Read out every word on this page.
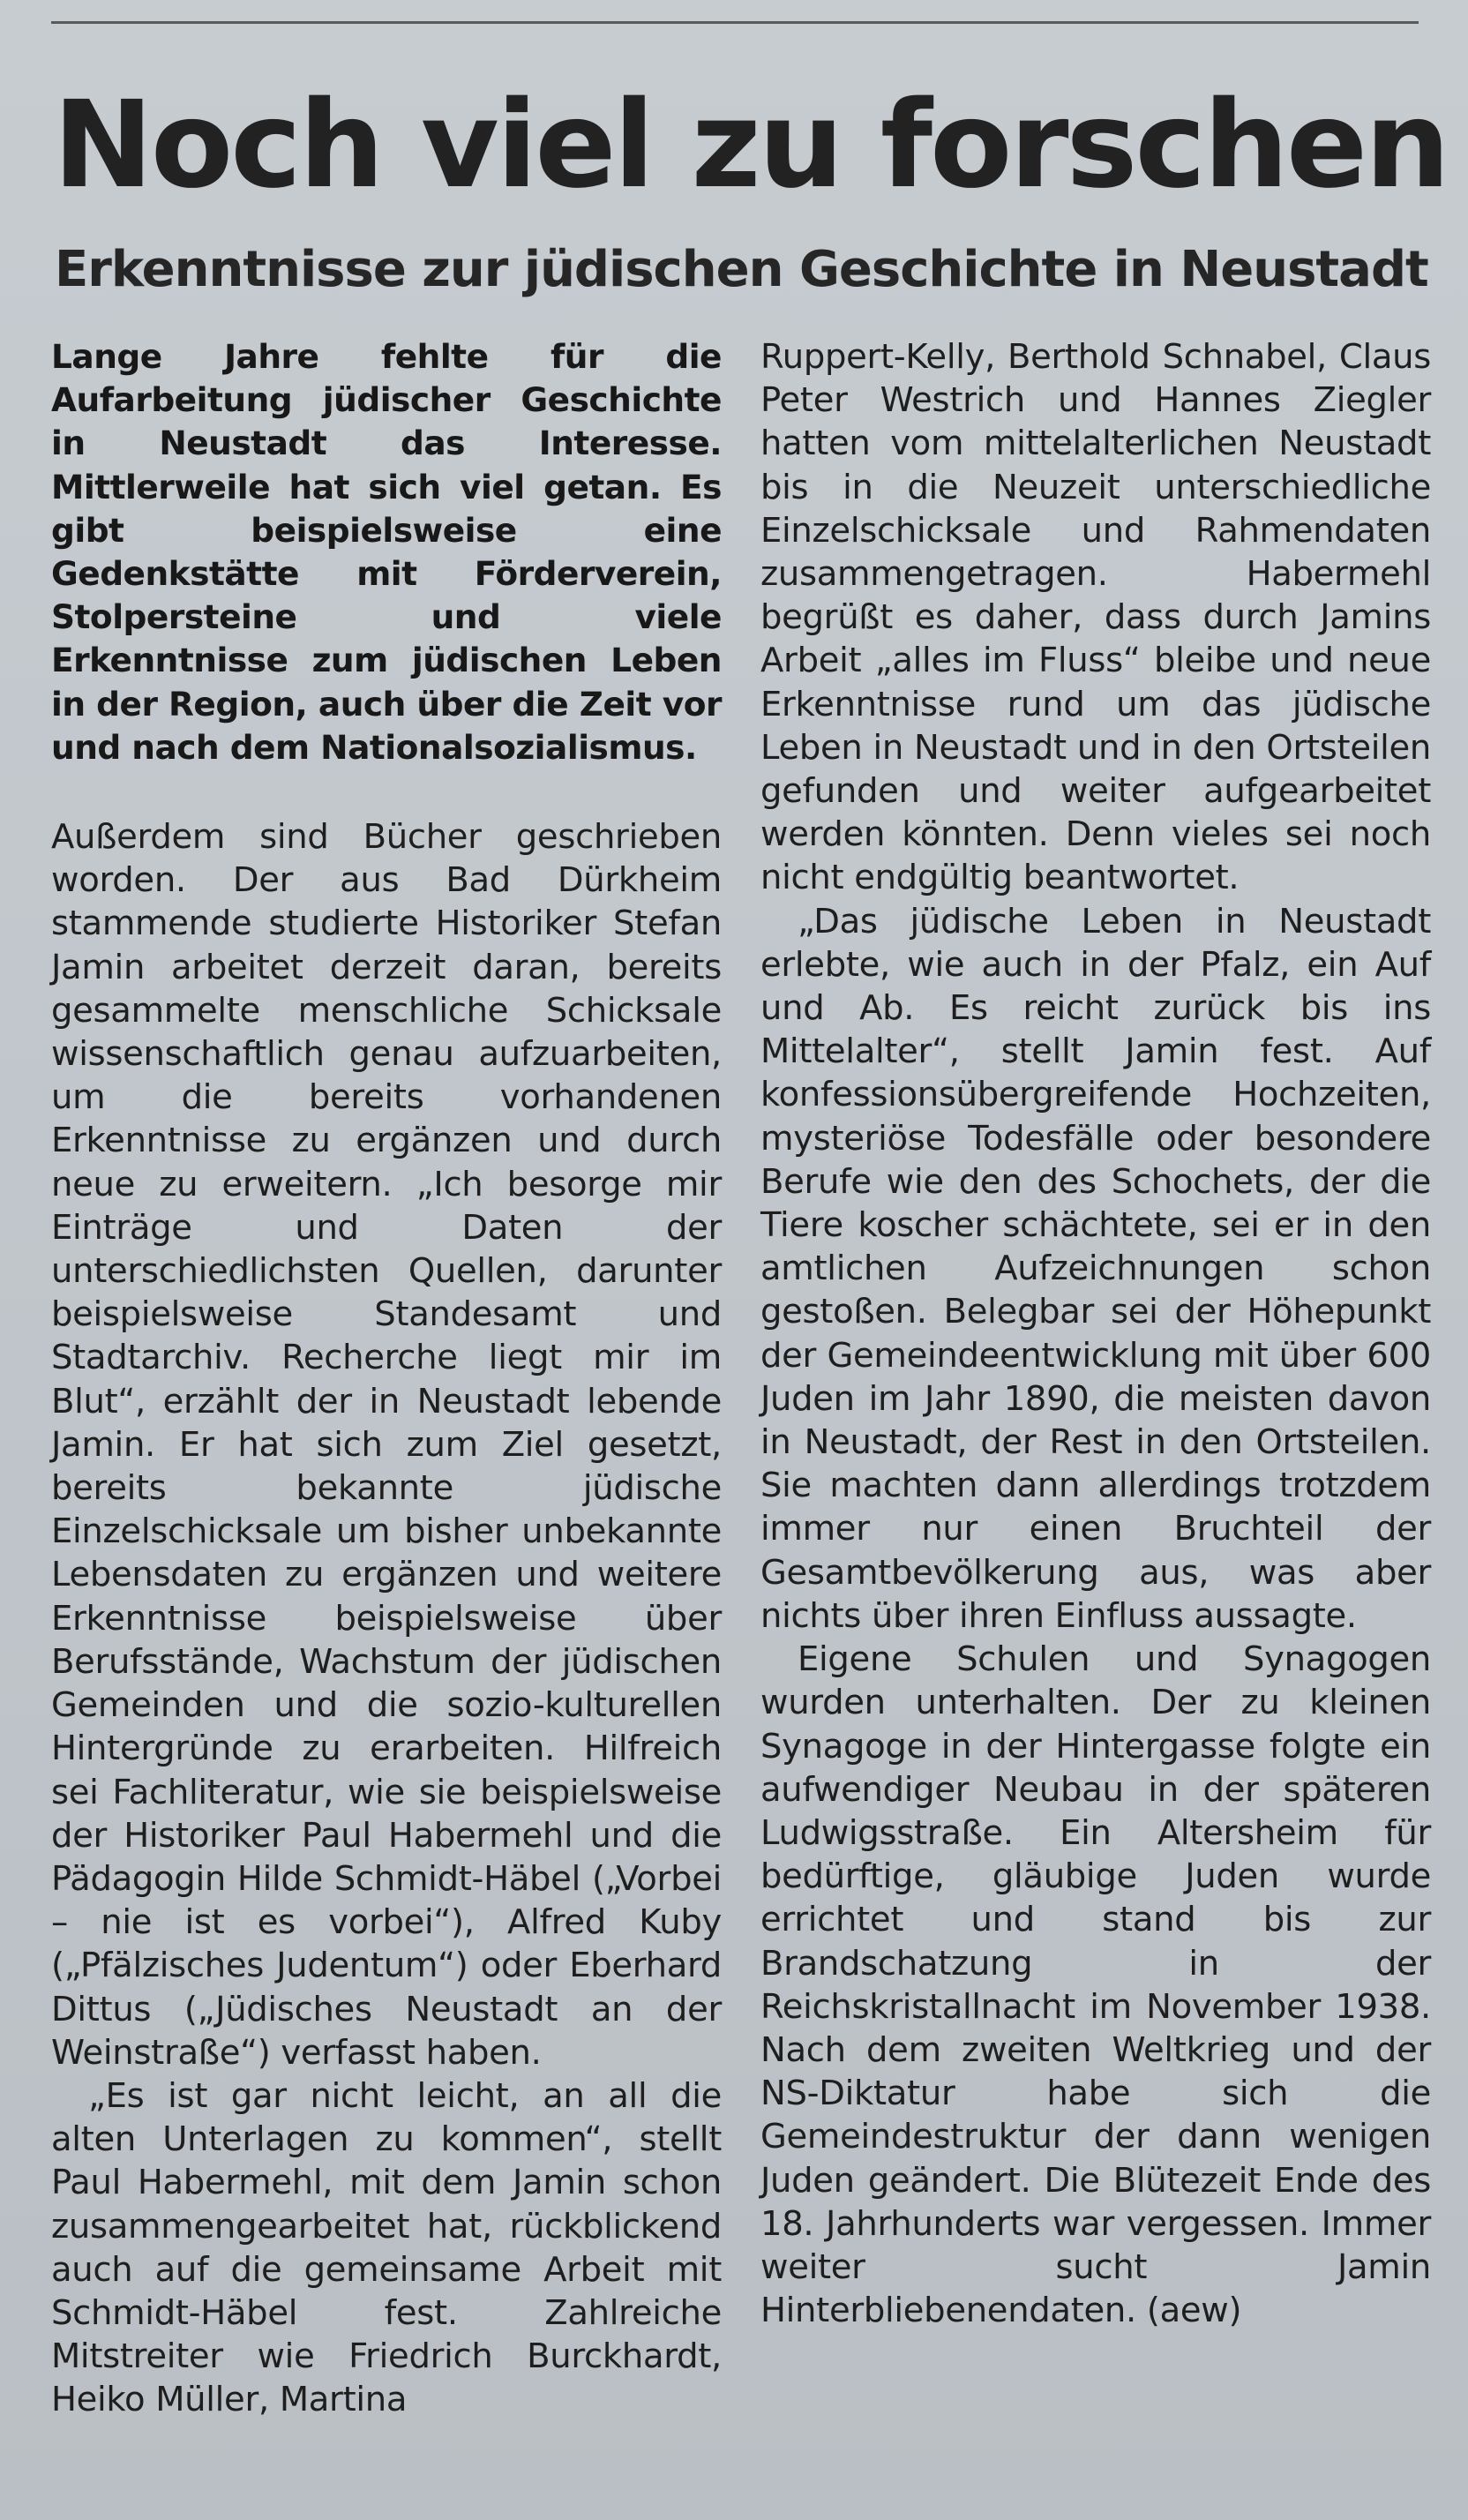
Noch viel zu forschen
Erkenntnisse zur jüdischen Geschichte in Neustadt

Lange Jahre fehlte für die Aufarbeitung jüdischer Geschichte in Neustadt das Interesse. Mittlerweile hat sich viel getan. Es gibt beispielsweise eine Gedenkstätte mit Förderverein, Stolpersteine und viele Erkenntnisse zum jüdischen Leben in der Region, auch über die Zeit vor und nach dem Nationalsozialismus.

Außerdem sind Bücher geschrieben worden. Der aus Bad Dürkheim stammende studierte Historiker Stefan Jamin arbeitet derzeit daran, bereits gesammelte menschliche Schicksale wissenschaftlich genau aufzuarbeiten, um die bereits vorhandenen Erkenntnisse zu ergänzen und durch neue zu erweitern. „Ich besorge mir Einträge und Daten der unterschiedlichsten Quellen, darunter beispielsweise Standesamt und Stadtarchiv. Recherche liegt mir im Blut“, erzählt der in Neustadt lebende Jamin. Er hat sich zum Ziel gesetzt, bereits bekannte jüdische Einzelschicksale um bisher unbekannte Lebensdaten zu ergänzen und weitere Erkenntnisse beispielsweise über Berufsstände, Wachstum der jüdischen Gemeinden und die sozio-kulturellen Hintergründe zu erarbeiten. Hilfreich sei Fachliteratur, wie sie beispielsweise der Historiker Paul Habermehl und die Pädagogin Hilde Schmidt-Häbel („Vorbei – nie ist es vorbei“), Alfred Kuby („Pfälzisches Judentum“) oder Eberhard Dittus („Jüdisches Neustadt an der Weinstraße“) verfasst haben.

„Es ist gar nicht leicht, an all die alten Unterlagen zu kommen“, stellt Paul Habermehl, mit dem Jamin schon zusammengearbeitet hat, rückblickend auch auf die gemeinsame Arbeit mit Schmidt-Häbel fest. Zahlreiche Mitstreiter wie Friedrich Burckhardt, Heiko Müller, Martina

Ruppert-Kelly, Berthold Schnabel, Claus Peter Westrich und Hannes Ziegler hatten vom mittelalterlichen Neustadt bis in die Neuzeit unterschiedliche Einzelschicksale und Rahmendaten zusammengetragen. Habermehl begrüßt es daher, dass durch Jamins Arbeit „alles im Fluss“ bleibe und neue Erkenntnisse rund um das jüdische Leben in Neustadt und in den Ortsteilen gefunden und weiter aufgearbeitet werden könnten. Denn vieles sei noch nicht endgültig beantwortet.

„Das jüdische Leben in Neustadt erlebte, wie auch in der Pfalz, ein Auf und Ab. Es reicht zurück bis ins Mittelalter“, stellt Jamin fest. Auf konfessionsübergreifende Hochzeiten, mysteriöse Todesfälle oder besondere Berufe wie den des Schochets, der die Tiere koscher schächtete, sei er in den amtlichen Aufzeichnungen schon gestoßen. Belegbar sei der Höhepunkt der Gemeindeentwicklung mit über 600 Juden im Jahr 1890, die meisten davon in Neustadt, der Rest in den Ortsteilen. Sie machten dann allerdings trotzdem immer nur einen Bruchteil der Gesamtbevölkerung aus, was aber nichts über ihren Einfluss aussagte.

Eigene Schulen und Synagogen wurden unterhalten. Der zu kleinen Synagoge in der Hintergasse folgte ein aufwendiger Neubau in der späteren Ludwigsstraße. Ein Altersheim für bedürftige, gläubige Juden wurde errichtet und stand bis zur Brandschatzung in der Reichskristallnacht im November 1938. Nach dem zweiten Weltkrieg und der NS-Diktatur habe sich die Gemeindestruktur der dann wenigen Juden geändert. Die Blütezeit Ende des 18. Jahrhunderts war vergessen. Immer weiter sucht Jamin Hinterbliebenendaten. (aew)
